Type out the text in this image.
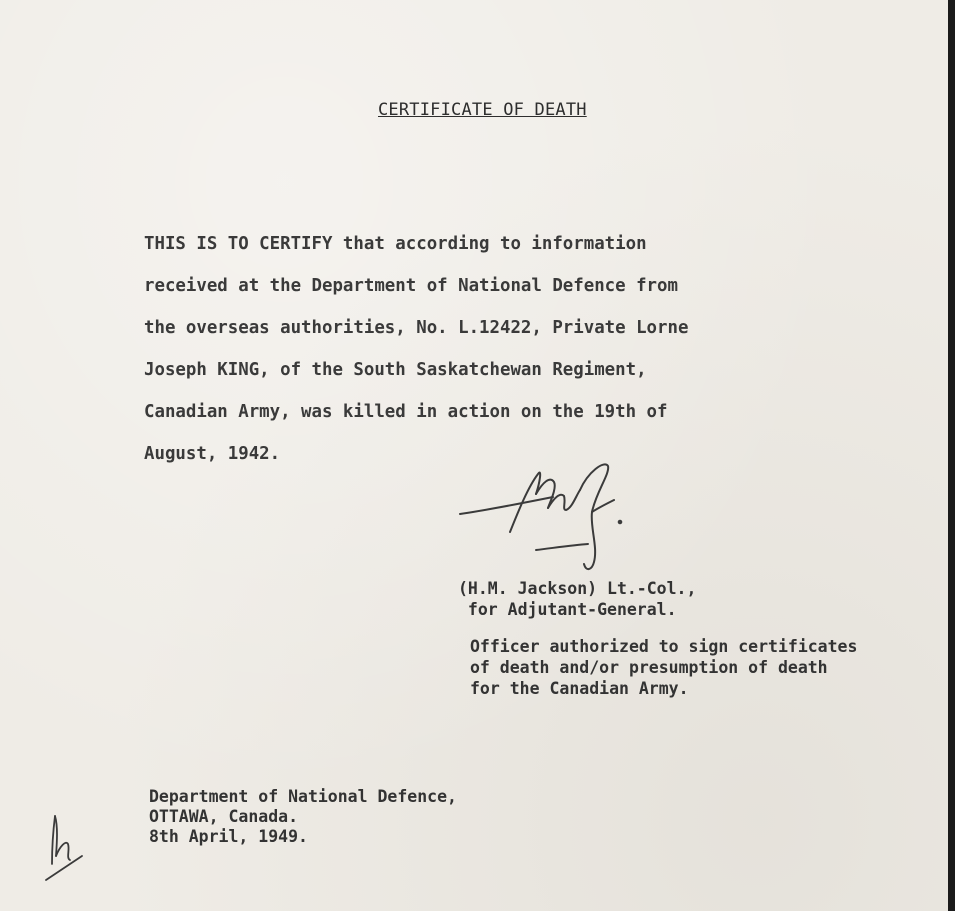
CERTIFICATE OF DEATH
THIS IS TO CERTIFY that according to information
received at the Department of National Defence from
the overseas authorities, No. L.12422, Private Lorne
Joseph KING, of the South Saskatchewan Regiment,
Canadian Army, was killed in action on the 19th of
August, 1942.
(H.M. Jackson) Lt.-Col.,
for Adjutant-General.
Officer authorized to sign certificates
of death and/or presumption of death
for the Canadian Army.
Department of National Defence,
OTTAWA, Canada.
8th April, 1949.
